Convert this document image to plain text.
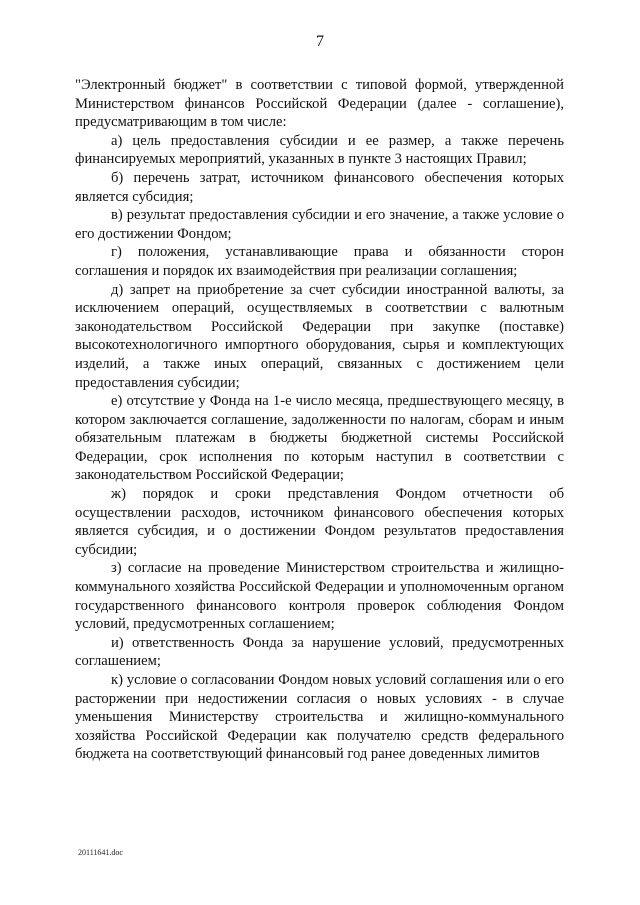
7

"Электронный бюджет" в соответствии с типовой формой, утвержденной Министерством финансов Российской Федерации (далее - соглашение), предусматривающим в том числе:

а) цель предоставления субсидии и ее размер, а также перечень финансируемых мероприятий, указанных в пункте 3 настоящих Правил;

б) перечень затрат, источником финансового обеспечения которых является субсидия;

в) результат предоставления субсидии и его значение, а также условие о его достижении Фондом;

г) положения, устанавливающие права и обязанности сторон соглашения и порядок их взаимодействия при реализации соглашения;

д) запрет на приобретение за счет субсидии иностранной валюты, за исключением операций, осуществляемых в соответствии с валютным законодательством Российской Федерации при закупке (поставке) высокотехнологичного импортного оборудования, сырья и комплектующих изделий, а также иных операций, связанных с достижением цели предоставления субсидии;

е) отсутствие у Фонда на 1-е число месяца, предшествующего месяцу, в котором заключается соглашение, задолженности по налогам, сборам и иным обязательным платежам в бюджеты бюджетной системы Российской Федерации, срок исполнения по которым наступил в соответствии с законодательством Российской Федерации;

ж) порядок и сроки представления Фондом отчетности об осуществлении расходов, источником финансового обеспечения которых является субсидия, и о достижении Фондом результатов предоставления субсидии;

з) согласие на проведение Министерством строительства и жилищно-коммунального хозяйства Российской Федерации и уполномоченным органом государственного финансового контроля проверок соблюдения Фондом условий, предусмотренных соглашением;

и) ответственность Фонда за нарушение условий, предусмотренных соглашением;

к) условие о согласовании Фондом новых условий соглашения или о его расторжении при недостижении согласия о новых условиях - в случае уменьшения Министерству строительства и жилищно-коммунального хозяйства Российской Федерации как получателю средств федерального бюджета на соответствующий финансовый год ранее доведенных лимитов

20111641.doc
